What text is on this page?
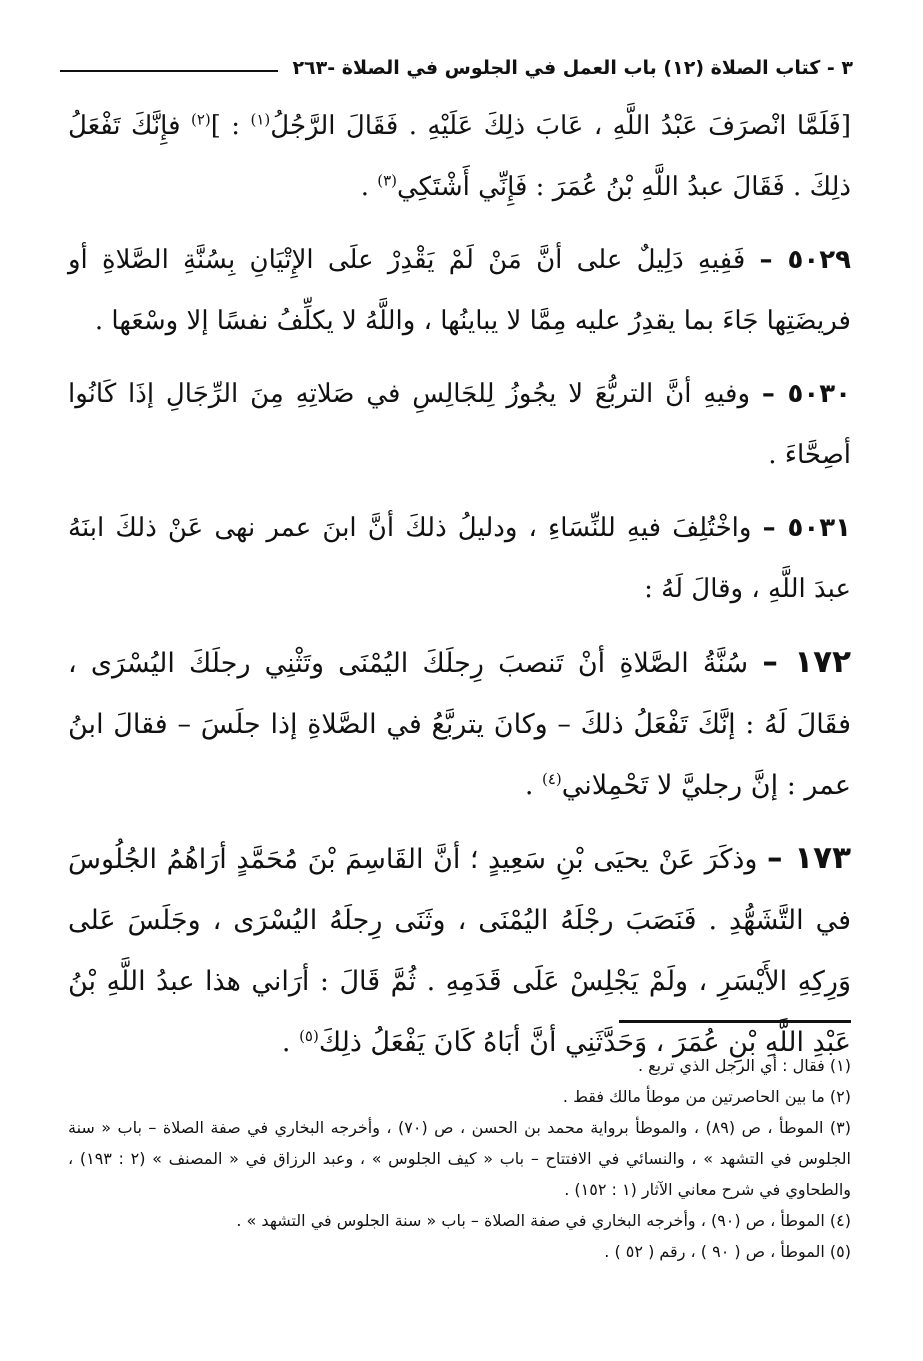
٣ - كتاب الصلاة (١٢) باب العمل في الجلوس في الصلاة -٢٦٣

[فَلَمَّا انْصرَفَ عَبْدُ اللَّهِ ، عَابَ ذلِكَ عَلَيْهِ . فَقَالَ الرَّجُلُ$^{(١)}$ : ]$^{(٢)}$ فإِنَّكَ تَفْعَلُ ذلِكَ . فَقَالَ عبدُ اللَّهِ بْنُ عُمَرَ : فَإِنِّي أَشْتَكِي$^{(٣)}$ .

٥٠٢٩ – فَفِيهِ دَلِيلٌ على أنَّ مَنْ لَمْ يَقْدِرْ علَى الإِتْيَانِ بِسُنَّةِ الصَّلاةِ أو فريضَتِها جَاءَ بما يقدِرُ عليه مِمَّا لا يباينُها ، واللَّهُ لا يكلِّفُ نفسًا إلا وسْعَها .

٥٠٣٠ – وفيهِ أنَّ التربُّعَ لا يجُوزُ لِلجَالِسِ في صَلاتِهِ مِنَ الرِّجَالِ إذَا كَانُوا أصِحَّاءَ .

٥٠٣١ – واخْتُلِفَ فيهِ للنِّسَاءِ ، ودليلُ ذلكَ أنَّ ابنَ عمر نهى عَنْ ذلكَ ابنَهُ عبدَ اللَّهِ ، وقالَ لَهُ :

١٧٢ – سُنَّةُ الصَّلاةِ أنْ تَنصبَ رِجلَكَ اليُمْنَى وتَثْنِي رجلَكَ اليُسْرَى ، فقَالَ لَهُ : إنَّكَ تَفْعَلُ ذلكَ – وكانَ يتربَّعُ في الصَّلاةِ إذا جلَسَ – فقالَ ابنُ عمر : إنَّ رجليَّ لا تَحْمِلاني$^{(٤)}$ .

١٧٣ – وذكَرَ عَنْ يحيَى بْنِ سَعِيدٍ ؛ أنَّ القَاسِمَ بْنَ مُحَمَّدٍ أرَاهُمُ الجُلُوسَ في التَّشَهُّدِ . فَنَصَبَ رجْلَهُ اليُمْنَى ، وثَنَى رِجلَهُ اليُسْرَى ، وجَلَسَ عَلى وَرِكِهِ الأَيْسَرِ ، ولَمْ يَجْلِسْ عَلَى قَدَمِهِ . ثُمَّ قَالَ : أرَاني هذا عبدُ اللَّهِ بْنُ عَبْدِ اللَّهِ بْنِ عُمَرَ ، وَحَدَّثَنِي أنَّ أبَاهُ كَانَ يَفْعَلُ ذلِكَ$^{(٥)}$ .

(١) فقال : أي الرجل الذي تربع .

(٢) ما بين الحاصرتين من موطأ مالك فقط .

(٣) الموطأ ، ص (٨٩) ، والموطأ برواية محمد بن الحسن ، ص (٧٠) ، وأخرجه البخاري في صفة الصلاة – باب « سنة الجلوس في التشهد » ، والنسائي في الافتتاح – باب « كيف الجلوس » ، وعبد الرزاق في « المصنف » (٢ : ١٩٣) ، والطحاوي في شرح معاني الآثار (١ : ١٥٢) .

(٤) الموطأ ، ص (٩٠) ، وأخرجه البخاري في صفة الصلاة – باب « سنة الجلوس في التشهد » .

(٥) الموطأ ، ص ( ٩٠ ) ، رقم ( ٥٢ ) .
